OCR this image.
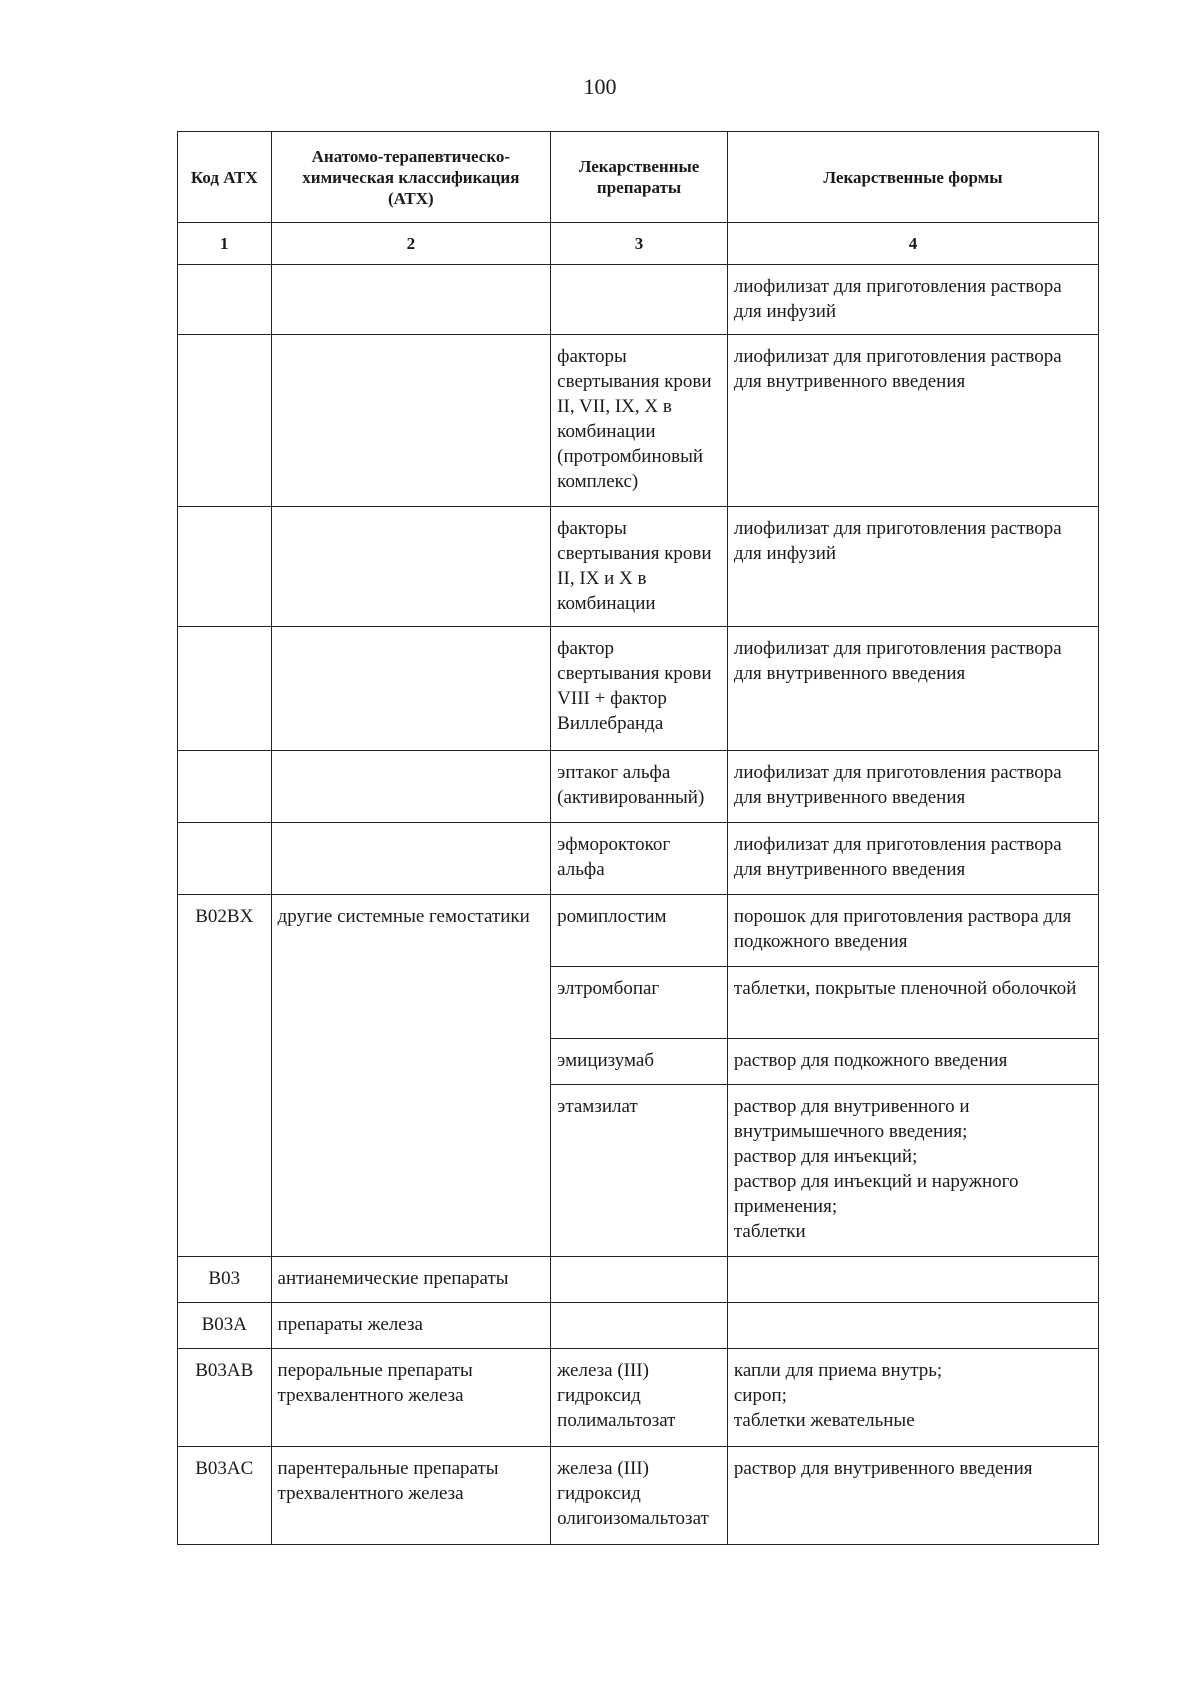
100
Код АТХ	Анатомо-терапевтическо-химическая классификация (АТХ)	Лекарственные препараты	Лекарственные формы
1	2	3	4
			лиофилизат для приготовления раствора для инфузий
		факторы свертывания крови II, VII, IX, X в комбинации (протромбиновый комплекс)	лиофилизат для приготовления раствора для внутривенного введения
		факторы свертывания крови II, IX и X в комбинации	лиофилизат для приготовления раствора для инфузий
		фактор свертывания крови VIII + фактор Виллебранда	лиофилизат для приготовления раствора для внутривенного введения
		эптаког альфа (активированный)	лиофилизат для приготовления раствора для внутривенного введения
		эфмороктоког альфа	лиофилизат для приготовления раствора для внутривенного введения
B02BX	другие системные гемостатики	ромиплостим	порошок для приготовления раствора для подкожного введения
		элтромбопаг	таблетки, покрытые пленочной оболочкой
		эмицизумаб	раствор для подкожного введения
		этамзилат	раствор для внутривенного и внутримышечного введения;
раствор для инъекций;
раствор для инъекций и наружного применения;
таблетки
B03	антианемические препараты		
B03A	препараты железа		
B03AB	пероральные препараты трехвалентного железа	железа (III) гидроксид полимальтозат	капли для приема внутрь;
сироп;
таблетки жевательные
B03AC	парентеральные препараты трехвалентного железа	железа (III) гидроксид олигоизомальтозат	раствор для внутривенного введения
